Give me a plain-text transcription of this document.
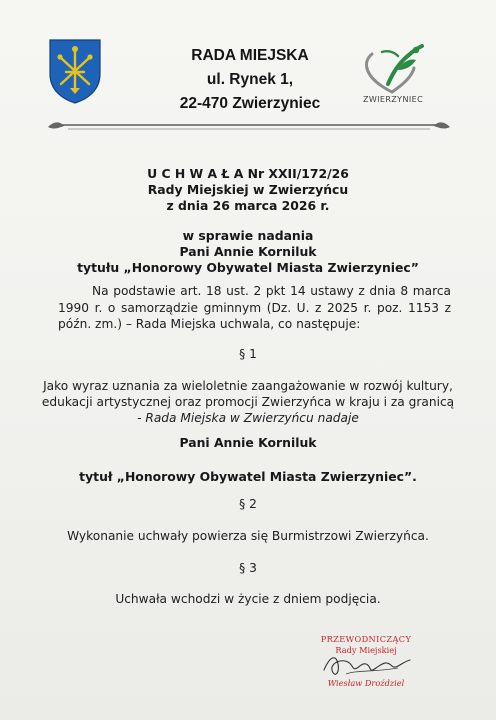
RADA MIEJSKA
ul. Rynek 1,
22-470 Zwierzyniec	ZWIERZYNIEC
U C H W A Ł A Nr XXII/172/26
Rady Miejskiej w Zwierzyńcu
z dnia 26 marca 2026 r.
w sprawie nadania
Pani Annie Korniluk
tytułu „Honorowy Obywatel Miasta Zwierzyniec”
Na podstawie art. 18 ust. 2 pkt 14 ustawy z dnia 8 marca 1990 r. o samorządzie gminnym (Dz. U. z 2025 r. poz. 1153 z późn. zm.) – Rada Miejska uchwala, co następuje:
§ 1
Jako wyraz uznania za wieloletnie zaangażowanie w rozwój kultury,
edukacji artystycznej oraz promocji Zwierzyńca w kraju i za granicą
- Rada Miejska w Zwierzyńcu nadaje
Pani Annie Korniluk
tytuł „Honorowy Obywatel Miasta Zwierzyniec”.
§ 2
Wykonanie uchwały powierza się Burmistrzowi Zwierzyńca.
§ 3
Uchwała wchodzi w życie z dniem podjęcia.
PRZEWODNICZĄCY
Rady Miejskiej
Wiesław Droździel
